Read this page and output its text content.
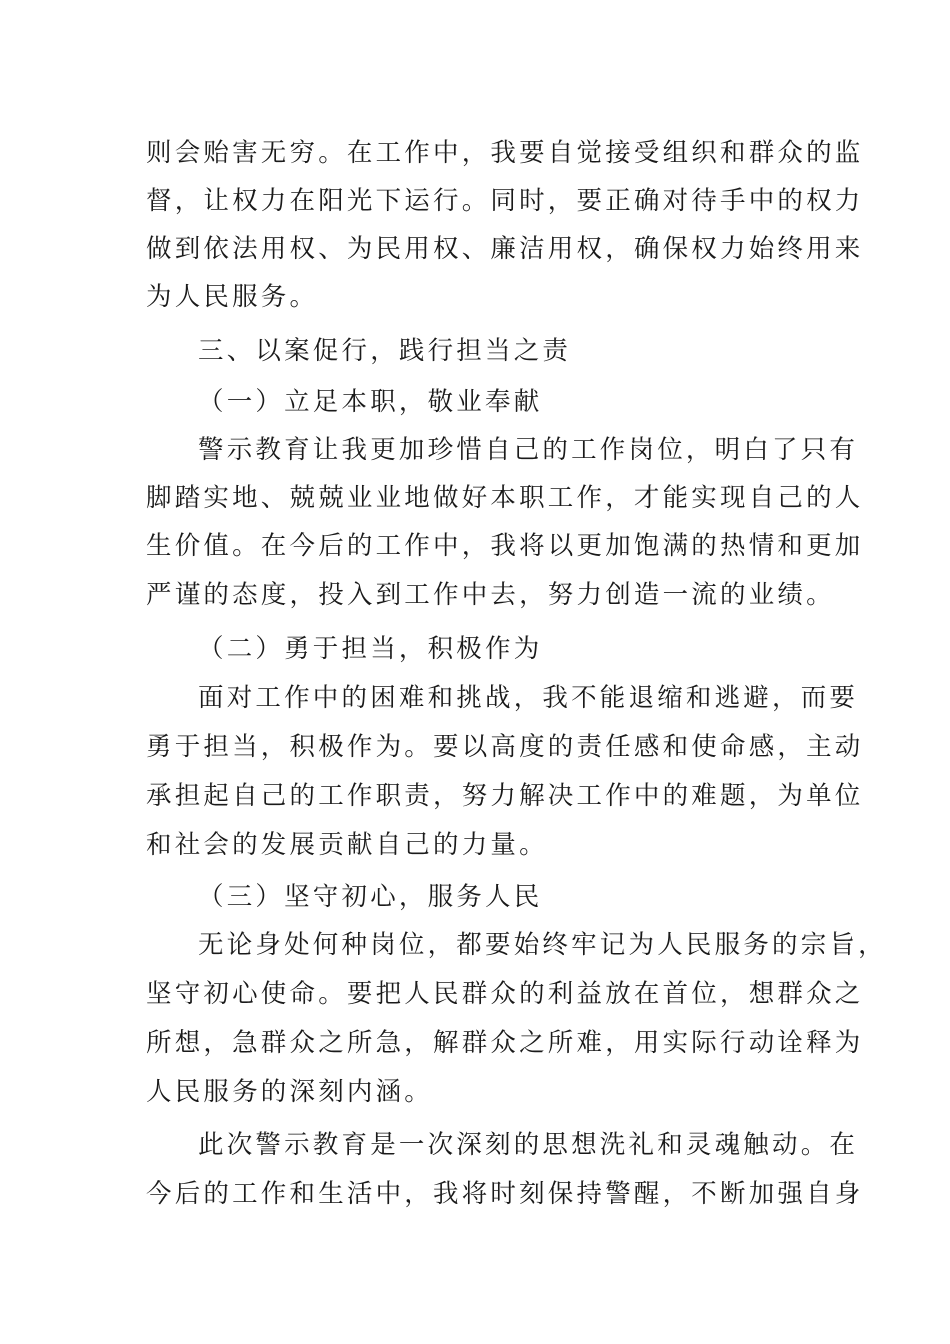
则会贻害无穷。在工作中，我要自觉接受组织和群众的监
督，让权力在阳光下运行。同时，要正确对待手中的权力
做到依法用权、为民用权、廉洁用权，确保权力始终用来
为人民服务。
三、以案促行，践行担当之责
（一）立足本职，敬业奉献
警示教育让我更加珍惜自己的工作岗位，明白了只有
脚踏实地、兢兢业业地做好本职工作，才能实现自己的人
生价值。在今后的工作中，我将以更加饱满的热情和更加
严谨的态度，投入到工作中去，努力创造一流的业绩。
（二）勇于担当，积极作为
面对工作中的困难和挑战，我不能退缩和逃避，而要
勇于担当，积极作为。要以高度的责任感和使命感，主动
承担起自己的工作职责，努力解决工作中的难题，为单位
和社会的发展贡献自己的力量。
（三）坚守初心，服务人民
无论身处何种岗位，都要始终牢记为人民服务的宗旨，
坚守初心使命。要把人民群众的利益放在首位，想群众之
所想，急群众之所急，解群众之所难，用实际行动诠释为
人民服务的深刻内涵。
此次警示教育是一次深刻的思想洗礼和灵魂触动。在
今后的工作和生活中，我将时刻保持警醒，不断加强自身
